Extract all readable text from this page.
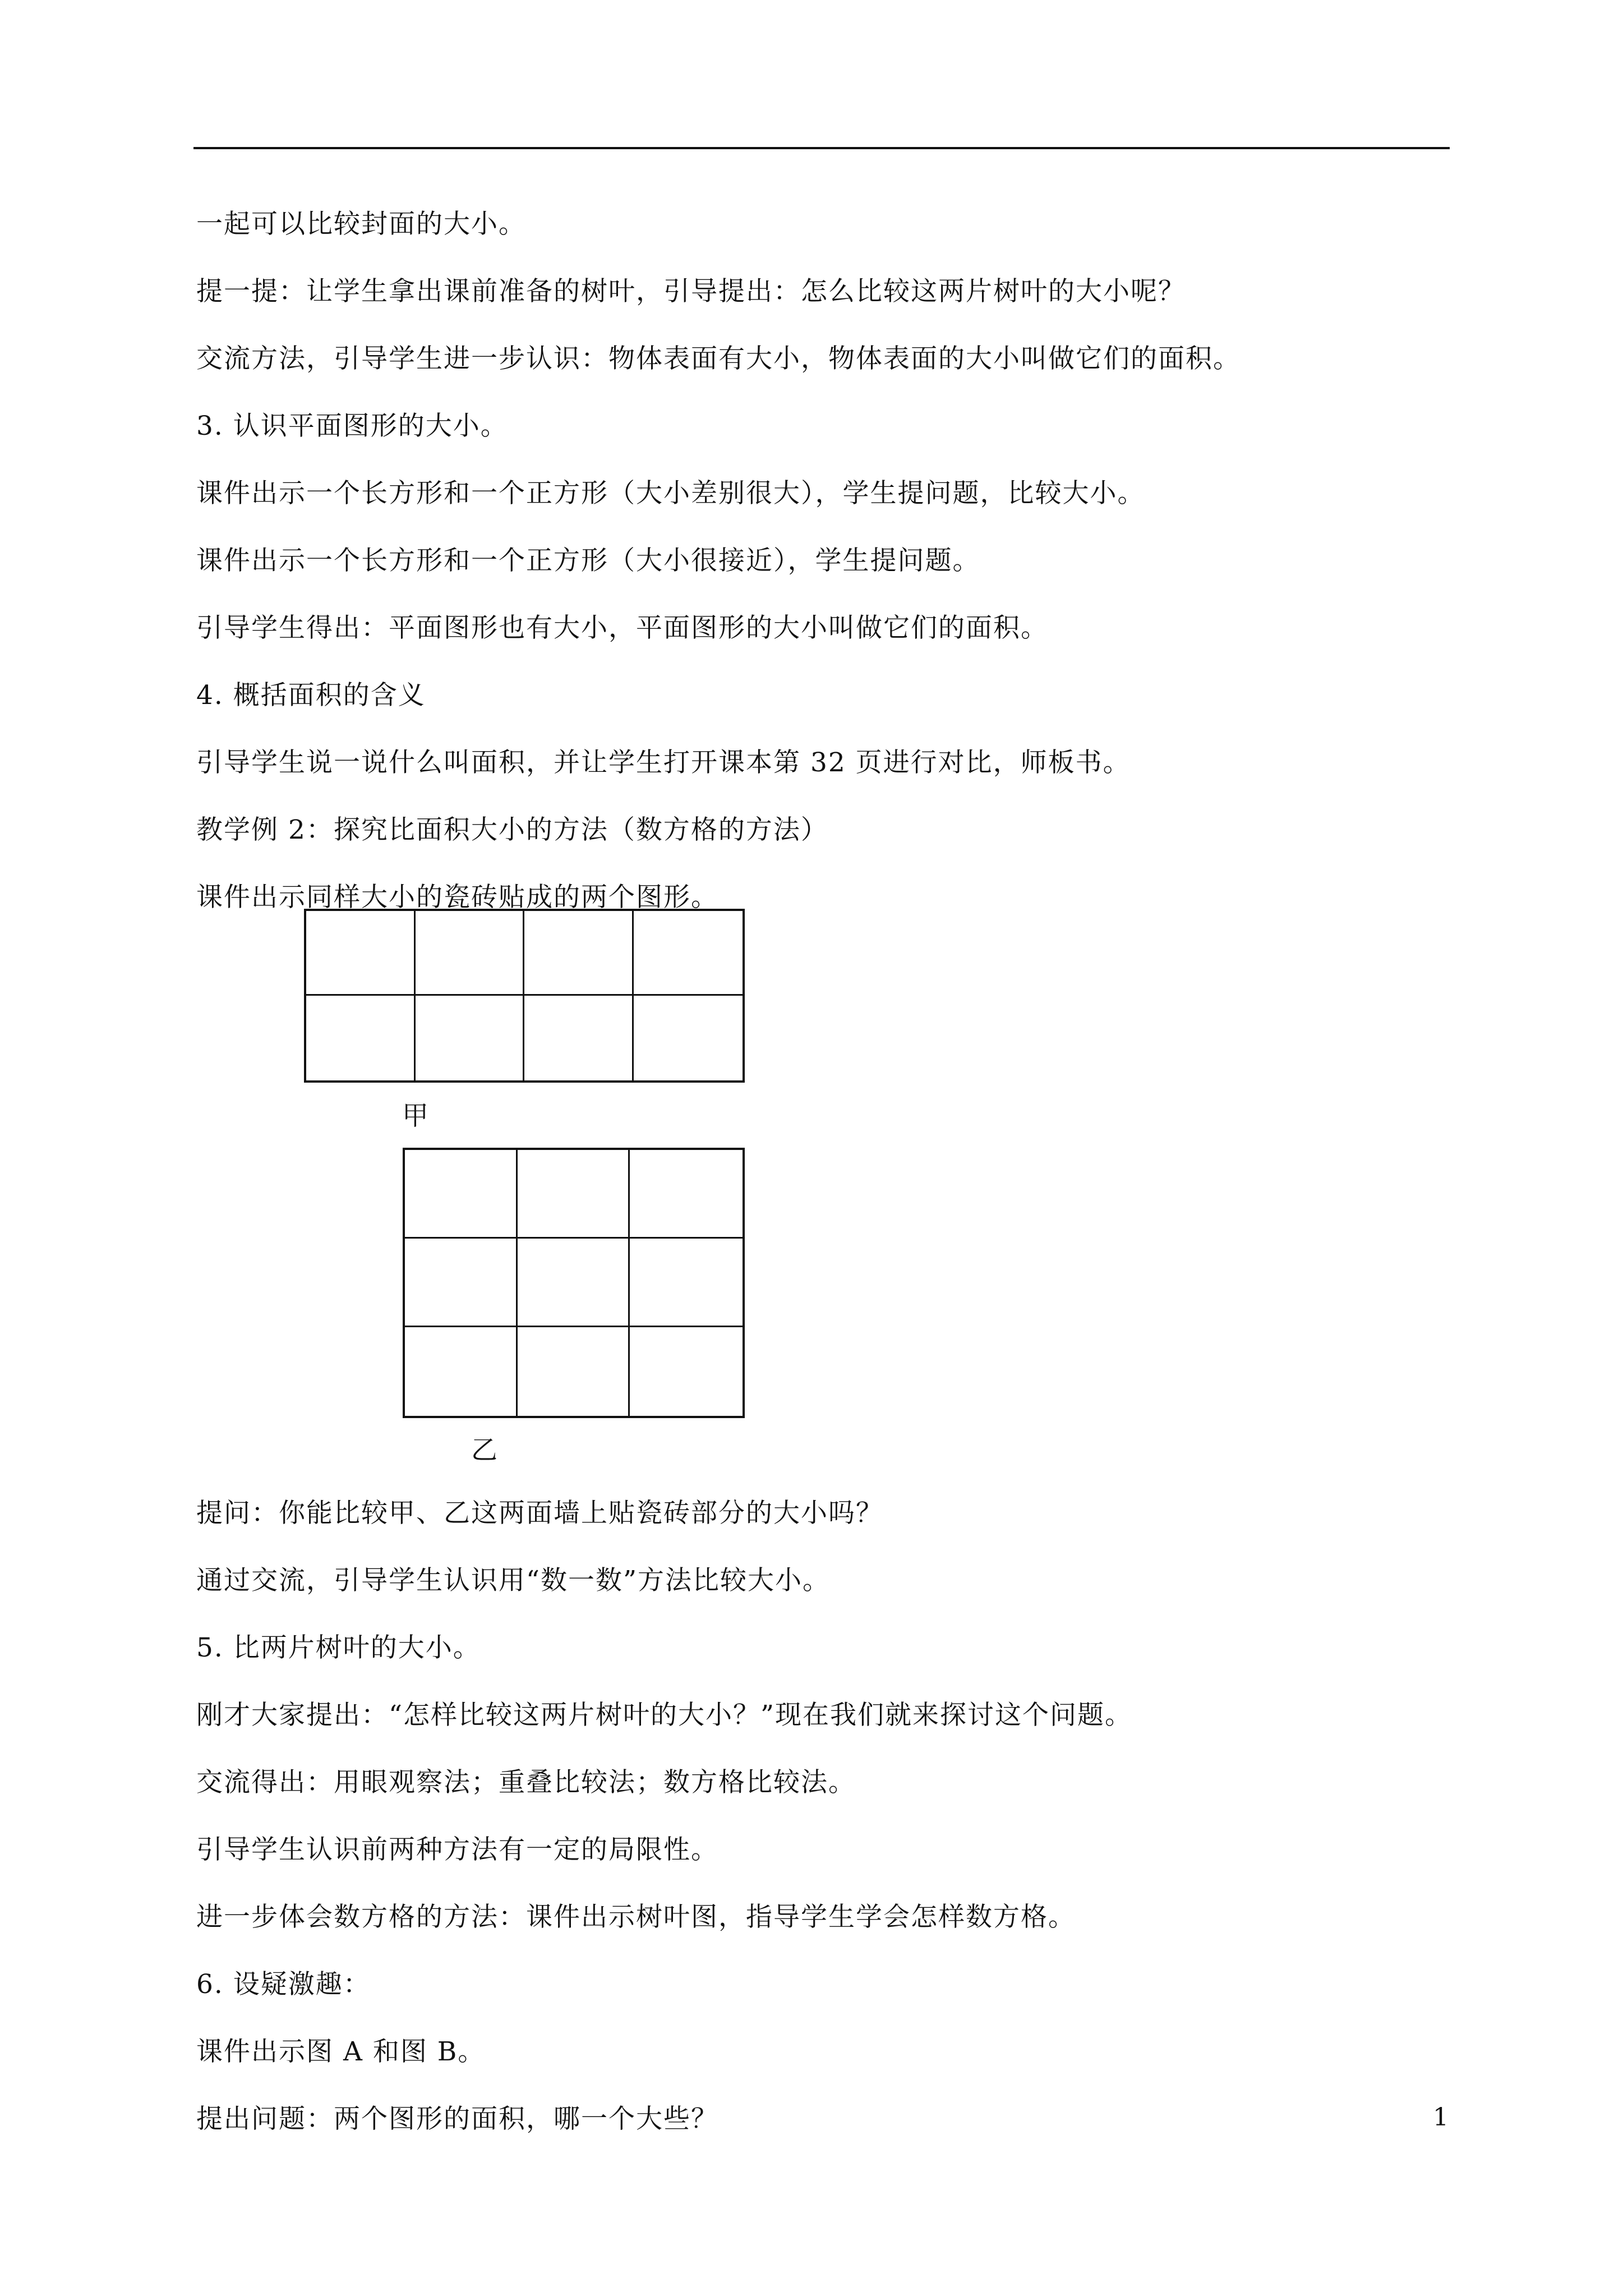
一起可以比较封面的大小。
提一提：让学生拿出课前准备的树叶，引导提出：怎么比较这两片树叶的大小呢？
交流方法，引导学生进一步认识：物体表面有大小，物体表面的大小叫做它们的面积。
3. 认识平面图形的大小。
课件出示一个长方形和一个正方形（大小差别很大），学生提问题，比较大小。
课件出示一个长方形和一个正方形（大小很接近），学生提问题。
引导学生得出：平面图形也有大小，平面图形的大小叫做它们的面积。
4. 概括面积的含义
引导学生说一说什么叫面积，并让学生打开课本第 32 页进行对比，师板书。
教学例 2：探究比面积大小的方法（数方格的方法）
课件出示同样大小的瓷砖贴成的两个图形。
甲
乙
提问：你能比较甲、乙这两面墙上贴瓷砖部分的大小吗？
通过交流，引导学生认识用“数一数”方法比较大小。
5. 比两片树叶的大小。
刚才大家提出：“怎样比较这两片树叶的大小？”现在我们就来探讨这个问题。
交流得出：用眼观察法；重叠比较法；数方格比较法。
引导学生认识前两种方法有一定的局限性。
进一步体会数方格的方法：课件出示树叶图，指导学生学会怎样数方格。
6. 设疑激趣：
课件出示图 A 和图 B。
提出问题：两个图形的面积，哪一个大些？	1
